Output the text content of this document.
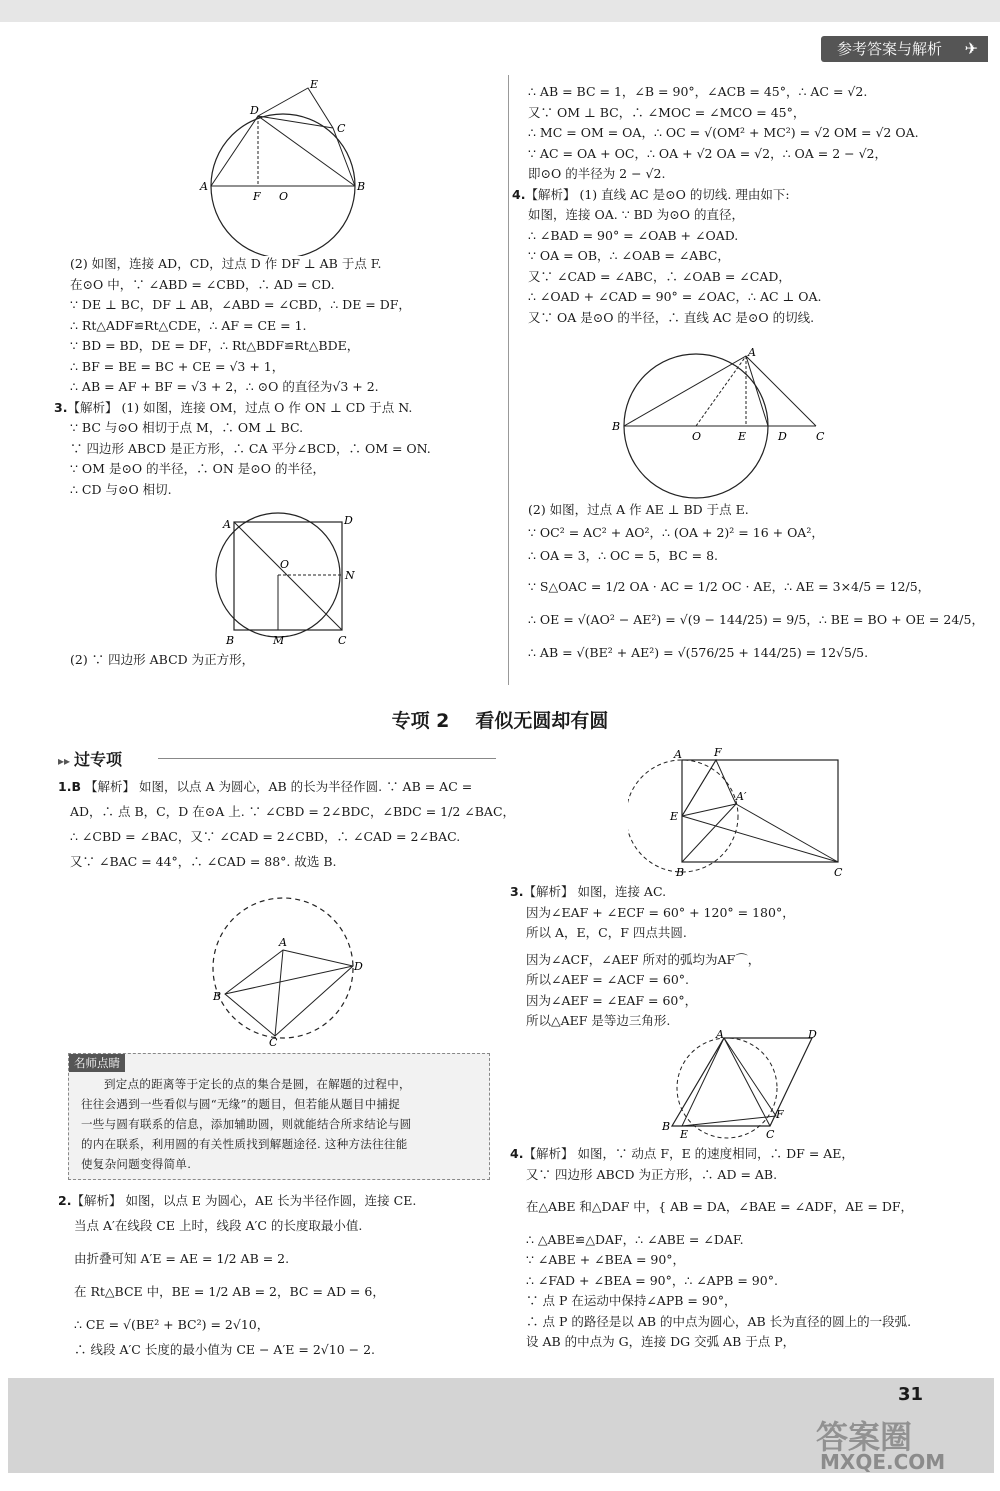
参考答案与解析 ✈
D
E
C
A
F O
B

(2) 如图，连接 AD，CD，过点 D 作 DF ⊥ AB 于点 F.

在⊙O 中，∵ ∠ABD = ∠CBD，∴ AD = CD.

∵ DE ⊥ BC，DF ⊥ AB，∠ABD = ∠CBD，∴ DE = DF，

∴ Rt△ADF≌Rt△CDE，∴ AF = CE = 1.

∵ BD = BD，DE = DF，∴ Rt△BDF≌Rt△BDE，

∴ BF = BE = BC + CE = √3 + 1，

∴ AB = AF + BF = √3 + 2，∴ ⊙O 的直径为√3 + 2.

3.【解析】 (1) 如图，连接 OM，过点 O 作 ON ⊥ CD 于点 N.

∵ BC 与⊙O 相切于点 M，∴ OM ⊥ BC.

∵ 四边形 ABCD 是正方形，∴ CA 平分∠BCD，∴ OM = ON.

∵ OM 是⊙O 的半径，∴ ON 是⊙O 的半径，

∴ CD 与⊙O 相切.

A	D
O
N
B	M	C

(2) ∵ 四边形 ABCD 为正方形，

∴ AB = BC = 1，∠B = 90°，∠ACB = 45°，∴ AC = √2.

又∵ OM ⊥ BC，∴ ∠MOC = ∠MCO = 45°，

∴ MC = OM = OA，∴ OC = √(OM² + MC²) = √2 OM = √2 OA.

∵ AC = OA + OC，∴ OA + √2 OA = √2，∴ OA = 2 − √2，

即⊙O 的半径为 2 − √2.

4.【解析】 (1) 直线 AC 是⊙O 的切线. 理由如下:

如图，连接 OA. ∵ BD 为⊙O 的直径，

∴ ∠BAD = 90° = ∠OAB + ∠OAD.

∵ OA = OB，∴ ∠OAB = ∠ABC，

又∵ ∠CAD = ∠ABC，∴ ∠OAB = ∠CAD，

∴ ∠OAD + ∠CAD = 90° = ∠OAC，∴ AC ⊥ OA.

又∵ OA 是⊙O 的半径，∴ 直线 AC 是⊙O 的切线.

A
B
O	E	D	C

(2) 如图，过点 A 作 AE ⊥ BD 于点 E.

∵ OC² = AC² + AO²，∴ (OA + 2)² = 16 + OA²，

∴ OA = 3，∴ OC = 5，BC = 8.

∵ S△OAC = 1/2 OA · AC = 1/2 OC · AE，∴ AE = 3×4/5 = 12/5，

∴ OE = √(AO² − AE²) = √(9 − 144/25) = 9/5，∴ BE = BO + OE = 24/5，

∴ AB = √(BE² + AE²) = √(576/25 + 144/25) = 12√5/5.

专项 2 看似无圆却有圆
▸▸ 过专项

1.B 【解析】 如图，以点 A 为圆心，AB 的长为半径作圆. ∵ AB = AC =

AD，∴ 点 B，C，D 在⊙A 上. ∵ ∠CBD = 2∠BDC，∠BDC = 1/2 ∠BAC，

∴ ∠CBD = ∠BAC，又∵ ∠CAD = 2∠CBD，∴ ∠CAD = 2∠BAC.

又∵ ∠BAC = 44°，∴ ∠CAD = 88°. 故选 B.

A
D
B
C
名师点睛

到定点的距离等于定长的点的集合是圆，在解题的过程中，

往往会遇到一些看似与圆“无缘”的题目，但若能从题目中捕捉

一些与圆有联系的信息，添加辅助圆，则就能结合所求结论与圆

的内在联系，利用圆的有关性质找到解题途径. 这种方法往往能

使复杂问题变得简单.

2.【解析】 如图，以点 E 为圆心，AE 长为半径作圆，连接 CE.

当点 A′在线段 CE 上时，线段 A′C 的长度取最小值.

由折叠可知 A′E = AE = 1/2 AB = 2.

在 Rt△BCE 中，BE = 1/2 AB = 2，BC = AD = 6，

∴ CE = √(BE² + BC²) = 2√10，

∴ 线段 A′C 长度的最小值为 CE − A′E = 2√10 − 2.

A	F
A′
E
B	C

3.【解析】 如图，连接 AC.

因为∠EAF + ∠ECF = 60° + 120° = 180°，

所以 A，E，C，F 四点共圆.

因为∠ACF，∠AEF 所对的弧均为AF⌒，

所以∠AEF = ∠ACF = 60°.

因为∠AEF = ∠EAF = 60°，

所以△AEF 是等边三角形.

A	D
B
E
F
C

4.【解析】 如图，∵ 动点 F，E 的速度相同，∴ DF = AE，

又∵ 四边形 ABCD 为正方形，∴ AD = AB.

在△ABE 和△DAF 中，{ AB = DA，∠BAE = ∠ADF，AE = DF，

∴ △ABE≌△DAF，∴ ∠ABE = ∠DAF.

∵ ∠ABE + ∠BEA = 90°，

∴ ∠FAD + ∠BEA = 90°，∴ ∠APB = 90°.

∵ 点 P 在运动中保持∠APB = 90°，

∴ 点 P 的路径是以 AB 的中点为圆心，AB 长为直径的圆上的一段弧.

设 AB 的中点为 G，连接 DG 交弧 AB 于点 P，

31
答案圈
MXQE.COM
